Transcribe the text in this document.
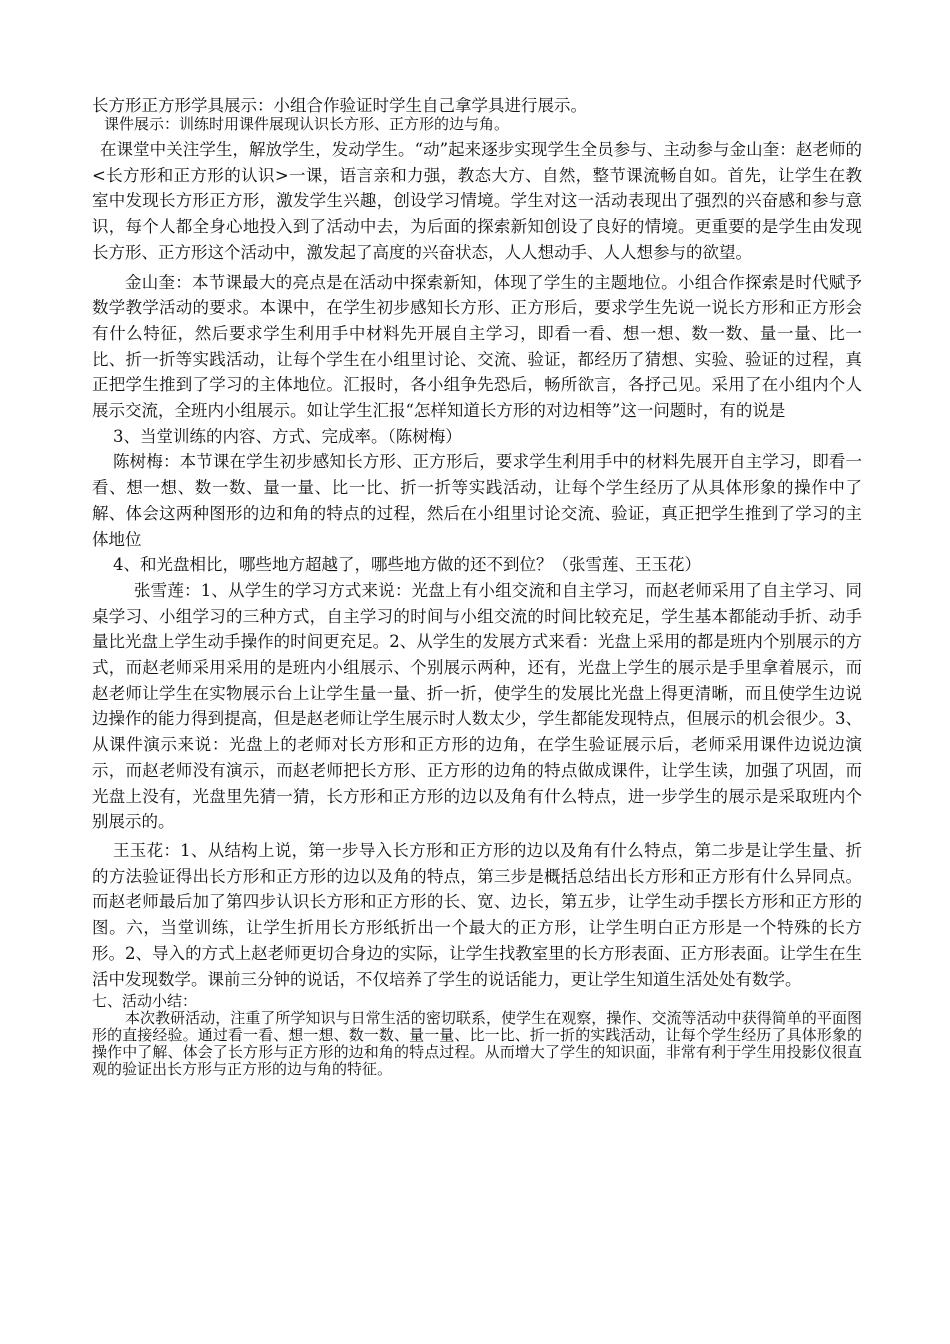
长方形正方形学具展示：小组合作验证时学生自己拿学具进行展示。

课件展示：训练时用课件展现认识长方形、正方形的边与角。

在课堂中关注学生，解放学生，发动学生。“动”起来逐步实现学生全员参与、主动参与金山奎：赵老师的<长方形和正方形的认识>一课，语言亲和力强，教态大方、自然，整节课流畅自如。首先，让学生在教室中发现长方形正方形，激发学生兴趣，创设学习情境。学生对这一活动表现出了强烈的兴奋感和参与意识，每个人都全身心地投入到了活动中去，为后面的探索新知创设了良好的情境。更重要的是学生由发现长方形、正方形这个活动中，激发起了高度的兴奋状态，人人想动手、人人想参与的欲望。

金山奎：本节课最大的亮点是在活动中探索新知，体现了学生的主题地位。小组合作探索是时代赋予数学教学活动的要求。本课中，在学生初步感知长方形、正方形后，要求学生先说一说长方形和正方形会有什么特征，然后要求学生利用手中材料先开展自主学习，即看一看、想一想、数一数、量一量、比一比、折一折等实践活动，让每个学生在小组里讨论、交流、验证，都经历了猜想、实验、验证的过程，真正把学生推到了学习的主体地位。汇报时，各小组争先恐后，畅所欲言，各抒己见。采用了在小组内个人展示交流，全班内小组展示。如让学生汇报“怎样知道长方形的对边相等”这一问题时，有的说是

3、当堂训练的内容、方式、完成率。（陈树梅）

陈树梅：本节课在学生初步感知长方形、正方形后，要求学生利用手中的材料先展开自主学习，即看一看、想一想、数一数、量一量、比一比、折一折等实践活动，让每个学生经历了从具体形象的操作中了解、体会这两种图形的边和角的特点的过程，然后在小组里讨论交流、验证，真正把学生推到了学习的主体地位

4、和光盘相比，哪些地方超越了，哪些地方做的还不到位？（张雪莲、王玉花）

张雪莲：1、从学生的学习方式来说：光盘上有小组交流和自主学习，而赵老师采用了自主学习、同桌学习、小组学习的三种方式，自主学习的时间与小组交流的时间比较充足，学生基本都能动手折、动手量比光盘上学生动手操作的时间更充足。2、从学生的发展方式来看：光盘上采用的都是班内个别展示的方式，而赵老师采用采用的是班内小组展示、个别展示两种，还有，光盘上学生的展示是手里拿着展示，而赵老师让学生在实物展示台上让学生量一量、折一折，使学生的发展比光盘上得更清晰，而且使学生边说边操作的能力得到提高，但是赵老师让学生展示时人数太少，学生都能发现特点，但展示的机会很少。3、从课件演示来说：光盘上的老师对长方形和正方形的边角，在学生验证展示后，老师采用课件边说边演示，而赵老师没有演示，而赵老师把长方形、正方形的边角的特点做成课件，让学生读，加强了巩固，而光盘上没有，光盘里先猜一猜，长方形和正方形的边以及角有什么特点，进一步学生的展示是采取班内个别展示的。

王玉花：1、从结构上说，第一步导入长方形和正方形的边以及角有什么特点，第二步是让学生量、折的方法验证得出长方形和正方形的边以及角的特点，第三步是概括总结出长方形和正方形有什么异同点。而赵老师最后加了第四步认识长方形和正方形的长、宽、边长，第五步，让学生动手摆长方形和正方形的图。六，当堂训练，让学生折用长方形纸折出一个最大的正方形，让学生明白正方形是一个特殊的长方形。2、导入的方式上赵老师更切合身边的实际，让学生找教室里的长方形表面、正方形表面。让学生在生活中发现数学。课前三分钟的说话，不仅培养了学生的说话能力，更让学生知道生活处处有数学。

七、活动小结：

本次教研活动，注重了所学知识与日常生活的密切联系，使学生在观察，操作、交流等活动中获得简单的平面图形的直接经验。通过看一看、想一想、数一数、量一量、比一比、折一折的实践活动，让每个学生经历了具体形象的操作中了解、体会了长方形与正方形的边和角的特点过程。从而增大了学生的知识面，非常有利于学生用投影仪很直观的验证出长方形与正方形的边与角的特征。
